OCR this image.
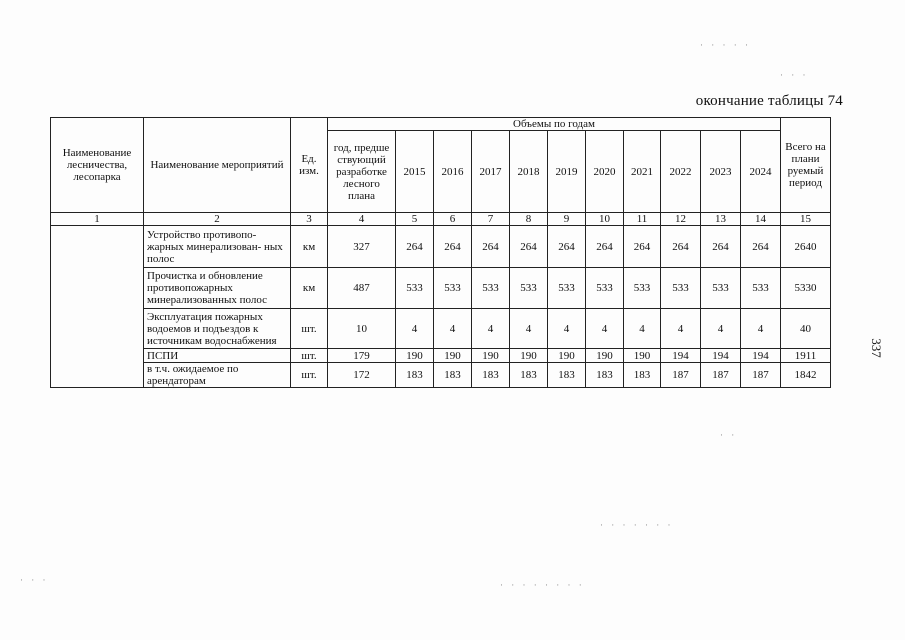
окончание таблицы 74
Наименование лесничества, лесопарка	Наименование мероприятий	Ед. изм.	Объемы по годам											Всего на плани руемый период
			год, предше ствующий разработке лесного плана	2015	2016	2017	2018	2019	2020	2021	2022	2023	2024	
1	2	3	4	5	6	7	8	9	10	11	12	13	14	15
	Устройство противопо- жарных минерализован- ных полос	км	327	264	264	264	264	264	264	264	264	264	264	2640
	Прочистка и обновление противопожарных минерализованных полос	км	487	533	533	533	533	533	533	533	533	533	533	5330
	Эксплуатация пожарных водоемов и подъездов к источникам водоснабжения	шт.	10	4	4	4	4	4	4	4	4	4	4	40
	ПСПИ	шт.	179	190	190	190	190	190	190	190	194	194	194	1911
	в т.ч. ожидаемое по арендаторам	шт.	172	183	183	183	183	183	183	183	187	187	187	1842
337
· · · · ·
· · ·
· ·
· · · · · · ·
· · · · · · · ·
· · ·
